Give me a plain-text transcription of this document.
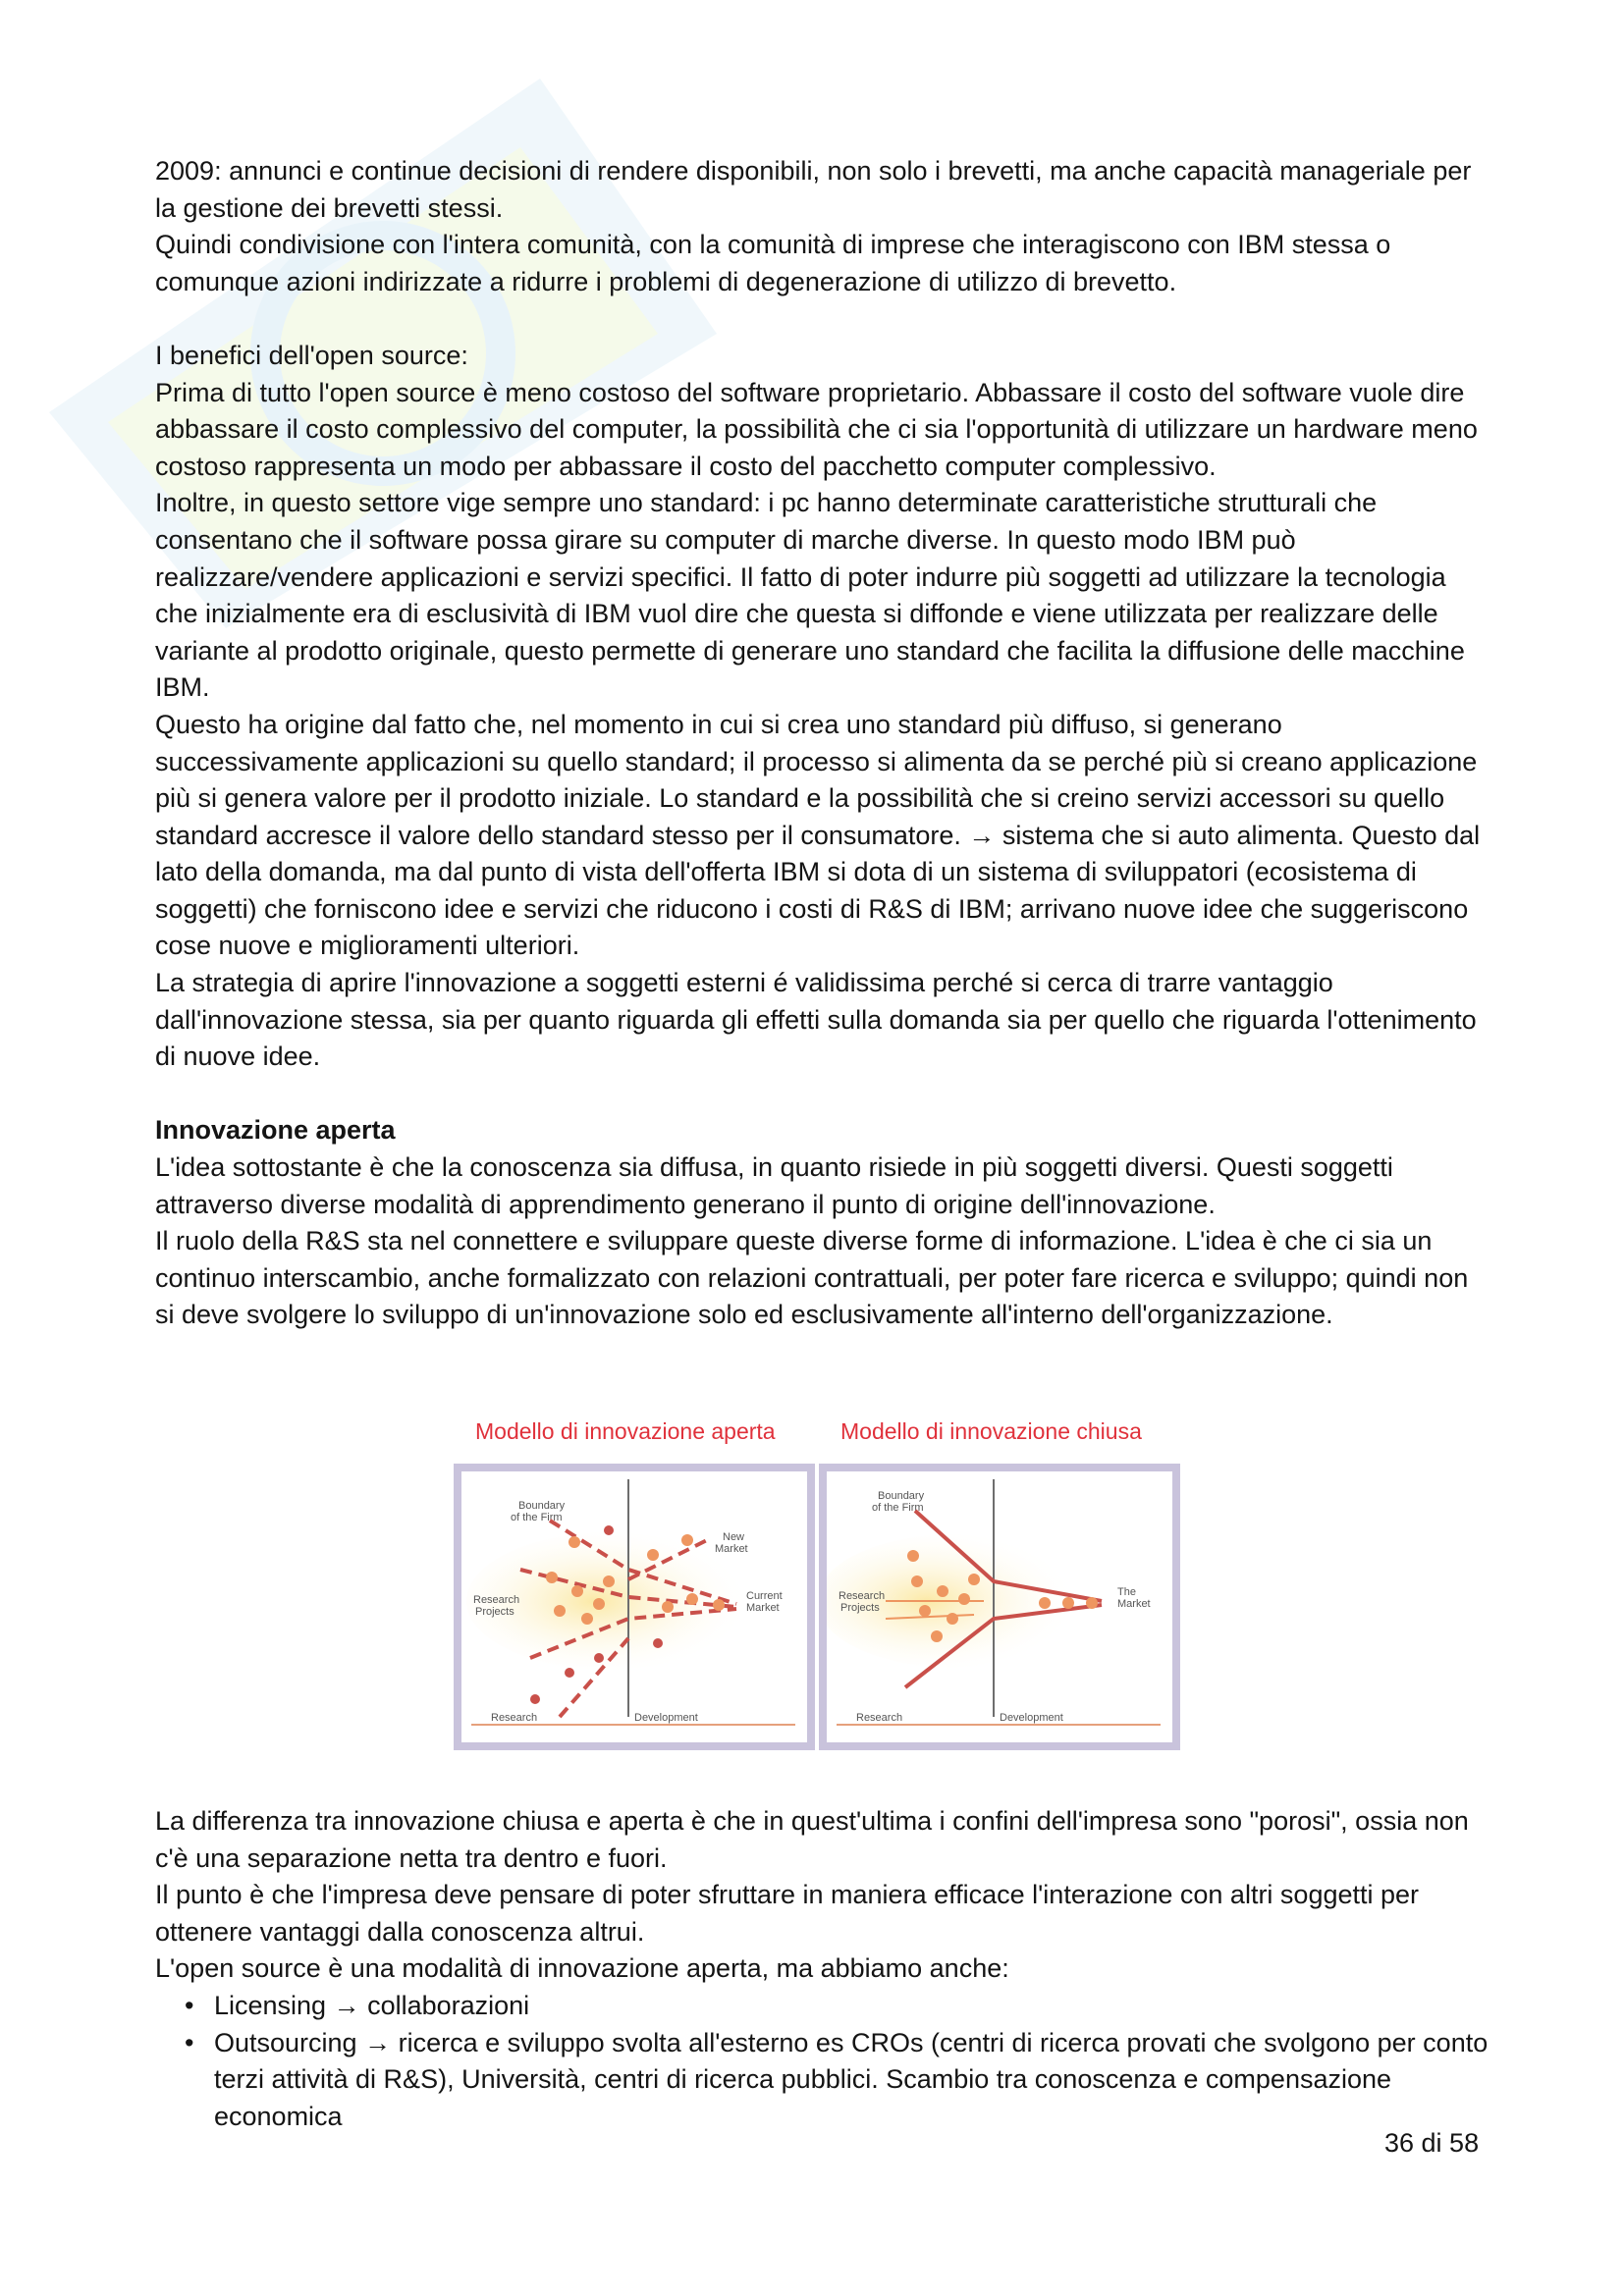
2009: annunci e continue decisioni di rendere disponibili, non solo i brevetti, ma anche capacità manageriale per la gestione dei brevetti stessi.

Quindi condivisione con l'intera comunità, con la comunità di imprese che interagiscono con IBM stessa o comunque azioni indirizzate a ridurre i problemi di degenerazione di utilizzo di brevetto.

I benefici dell'open source:

Prima di tutto l'open source è meno costoso del software proprietario. Abbassare il costo del software vuole dire abbassare il costo complessivo del computer, la possibilità che ci sia l'opportunità di utilizzare un hardware meno costoso rappresenta un modo per abbassare il costo del pacchetto computer complessivo.

Inoltre, in questo settore vige sempre uno standard: i pc hanno determinate caratteristiche strutturali che consentano che il software possa girare su computer di marche diverse. In questo modo IBM può realizzare/vendere applicazioni e servizi specifici. Il fatto di poter indurre più soggetti ad utilizzare la tecnologia che inizialmente era di esclusività di IBM vuol dire che questa si diffonde e viene utilizzata per realizzare delle variante al prodotto originale, questo permette di generare uno standard che facilita la diffusione delle macchine IBM.

Questo ha origine dal fatto che, nel momento in cui si crea uno standard più diffuso, si generano successivamente applicazioni su quello standard; il processo si alimenta da se perché più si creano applicazione più si genera valore per il prodotto iniziale. Lo standard e la possibilità che si creino servizi accessori su quello standard accresce il valore dello standard stesso per il consumatore. → sistema che si auto alimenta. Questo dal lato della domanda, ma dal punto di vista dell'offerta IBM si dota di un sistema di sviluppatori (ecosistema di soggetti) che forniscono idee e servizi che riducono i costi di R&S di IBM; arrivano nuove idee che suggeriscono cose nuove e miglioramenti ulteriori.

La strategia di aprire l'innovazione a soggetti esterni é validissima perché si cerca di trarre vantaggio dall'innovazione stessa, sia per quanto riguarda gli effetti sulla domanda sia per quello che riguarda l'ottenimento di nuove idee.

Innovazione aperta

L'idea sottostante è che la conoscenza sia diffusa, in quanto risiede in più soggetti diversi. Questi soggetti attraverso diverse modalità di apprendimento generano il punto di origine dell'innovazione.

Il ruolo della R&S sta nel connettere e sviluppare queste diverse forme di informazione. L'idea è che ci sia un continuo interscambio, anche formalizzato con relazioni contrattuali, per poter fare ricerca e sviluppo; quindi non si deve svolgere lo sviluppo di un'innovazione solo ed esclusivamente all'interno dell'organizzazione.

Modello di innovazione aperta	Modello di innovazione chiusa
Boundary
of the Firm
Research
Projects
New
Market
Current
Market
Research	Development
Boundary
of the Firm
Research
Projects
The
Market
Research	Development

La differenza tra innovazione chiusa e aperta è che in quest'ultima i confini dell'impresa sono "porosi", ossia non c'è una separazione netta tra dentro e fuori.

Il punto è che l'impresa deve pensare di poter sfruttare in maniera efficace l'interazione con altri soggetti per ottenere vantaggi dalla conoscenza altrui.

L'open source è una modalità di innovazione aperta, ma abbiamo anche:

• Licensing → collaborazioni
• Outsourcing → ricerca e sviluppo svolta all'esterno es CROs (centri di ricerca provati che svolgono per conto terzi attività di R&S), Università, centri di ricerca pubblici. Scambio tra conoscenza e compensazione economica
36 di 58
